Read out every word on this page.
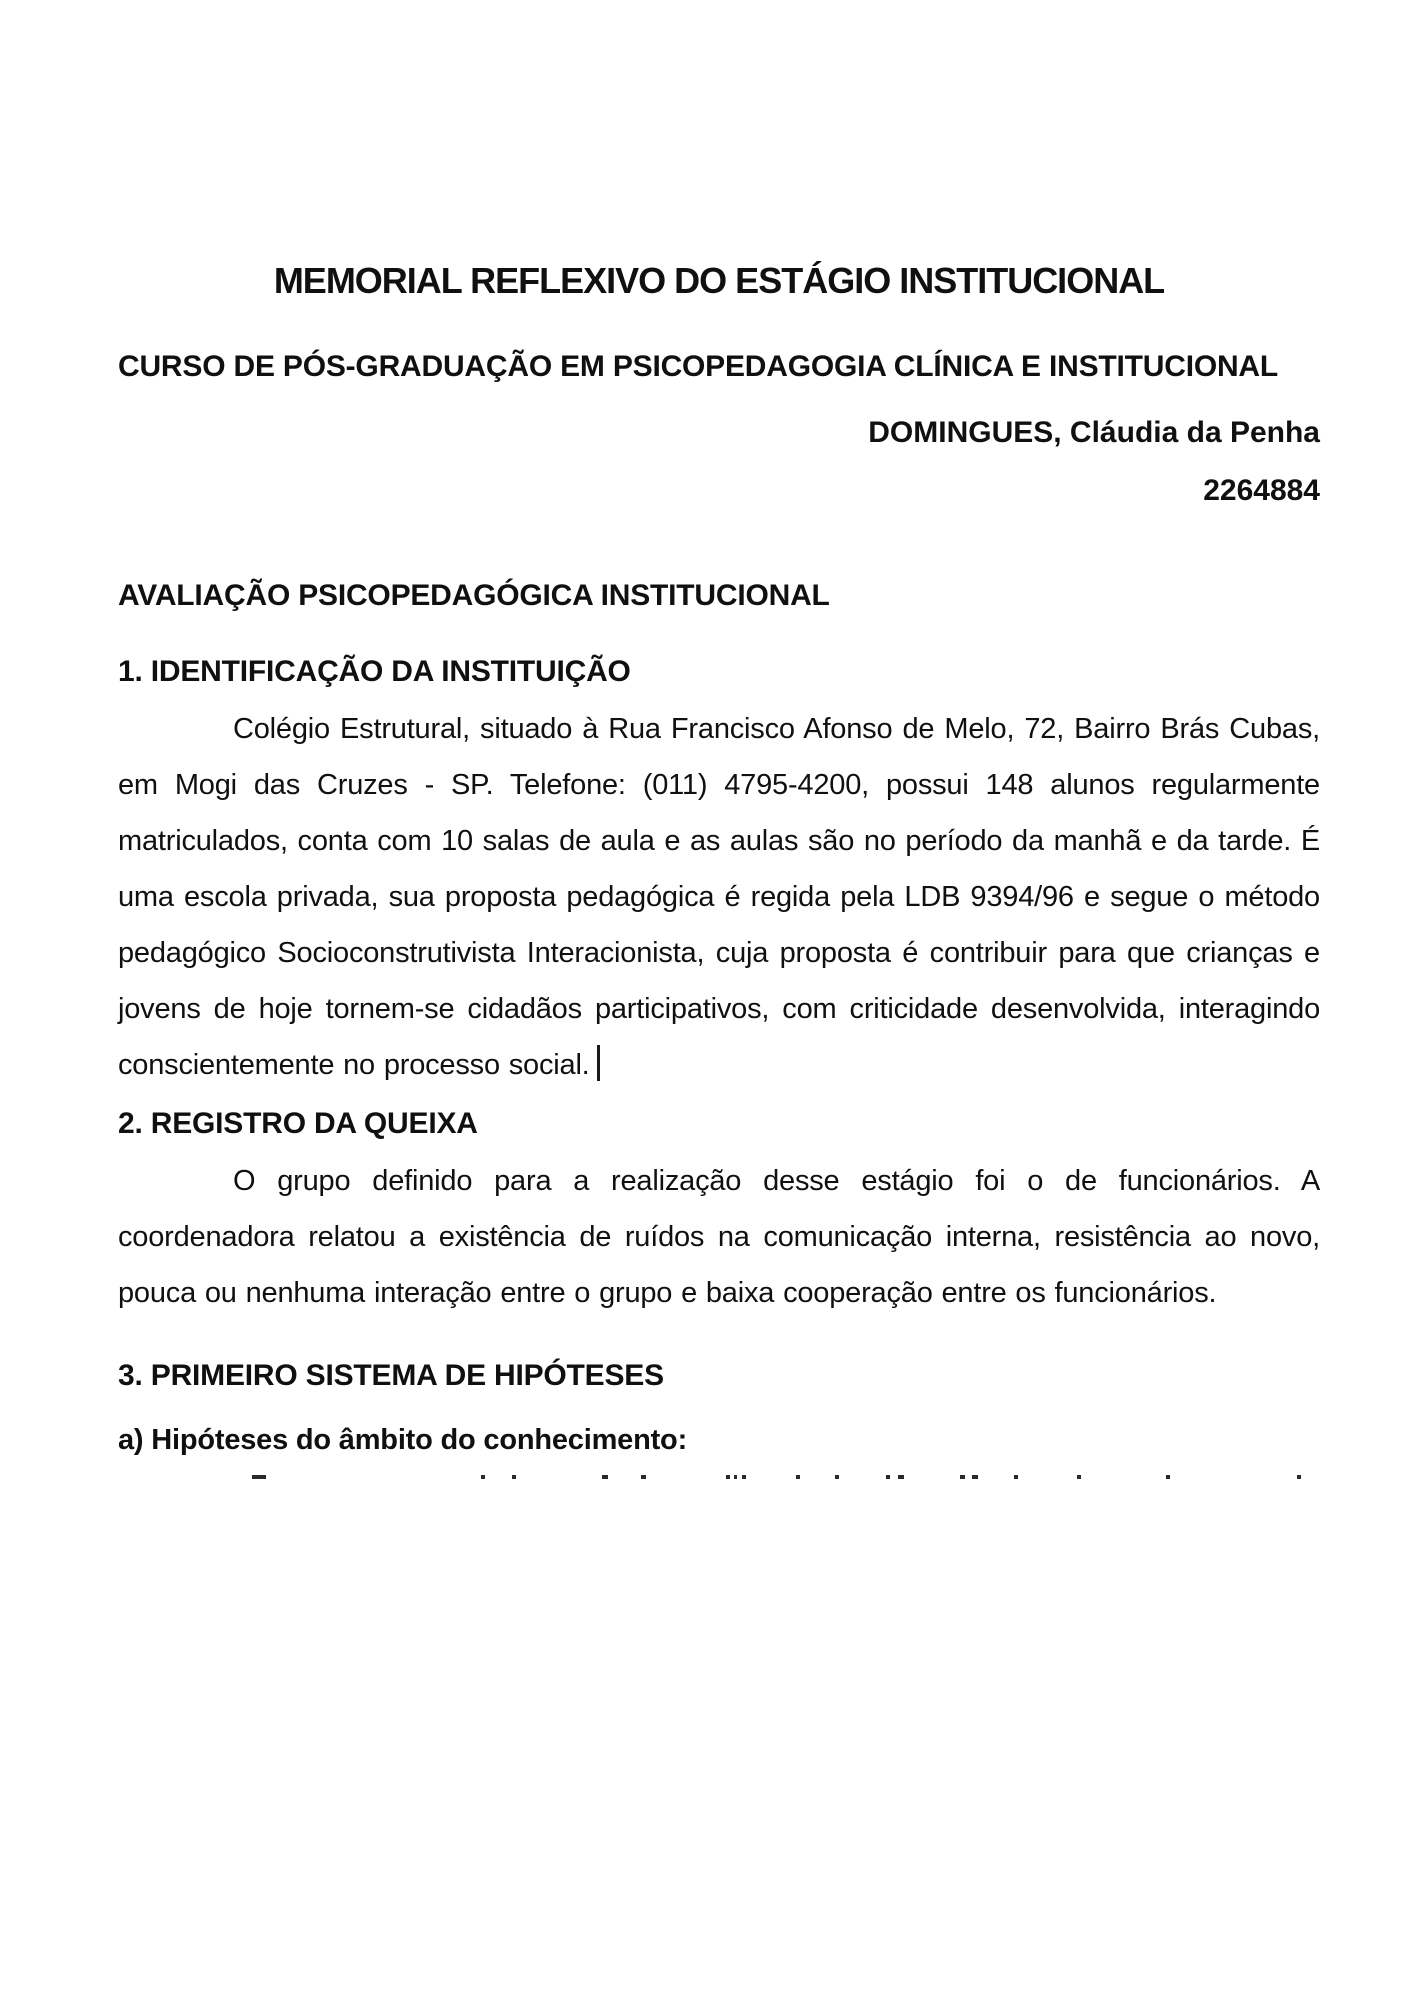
MEMORIAL REFLEXIVO DO ESTÁGIO INSTITUCIONAL

CURSO DE PÓS-GRADUAÇÃO EM PSICOPEDAGOGIA CLÍNICA E INSTITUCIONAL

DOMINGUES, Cláudia da Penha

2264884

AVALIAÇÃO PSICOPEDAGÓGICA INSTITUCIONAL
1. IDENTIFICAÇÃO DA INSTITUIÇÃO

Colégio Estrutural, situado à Rua Francisco Afonso de Melo, 72, Bairro Brás Cubas, em Mogi das Cruzes - SP. Telefone: (011) 4795-4200, possui 148 alunos regularmente matriculados, conta com 10 salas de aula e as aulas são no período da manhã e da tarde. É uma escola privada, sua proposta pedagógica é regida pela LDB 9394/96 e segue o método pedagógico Socioconstrutivista Interacionista, cuja proposta é contribuir para que crianças e jovens de hoje tornem-se cidadãos participativos, com criticidade desenvolvida, interagindo conscientemente no processo social.

2. REGISTRO DA QUEIXA

O grupo definido para a realização desse estágio foi o de funcionários. A coordenadora relatou a existência de ruídos na comunicação interna, resistência ao novo, pouca ou nenhuma interação entre o grupo e baixa cooperação entre os funcionários.

3. PRIMEIRO SISTEMA DE HIPÓTESES
a) Hipóteses do âmbito do conhecimento:
